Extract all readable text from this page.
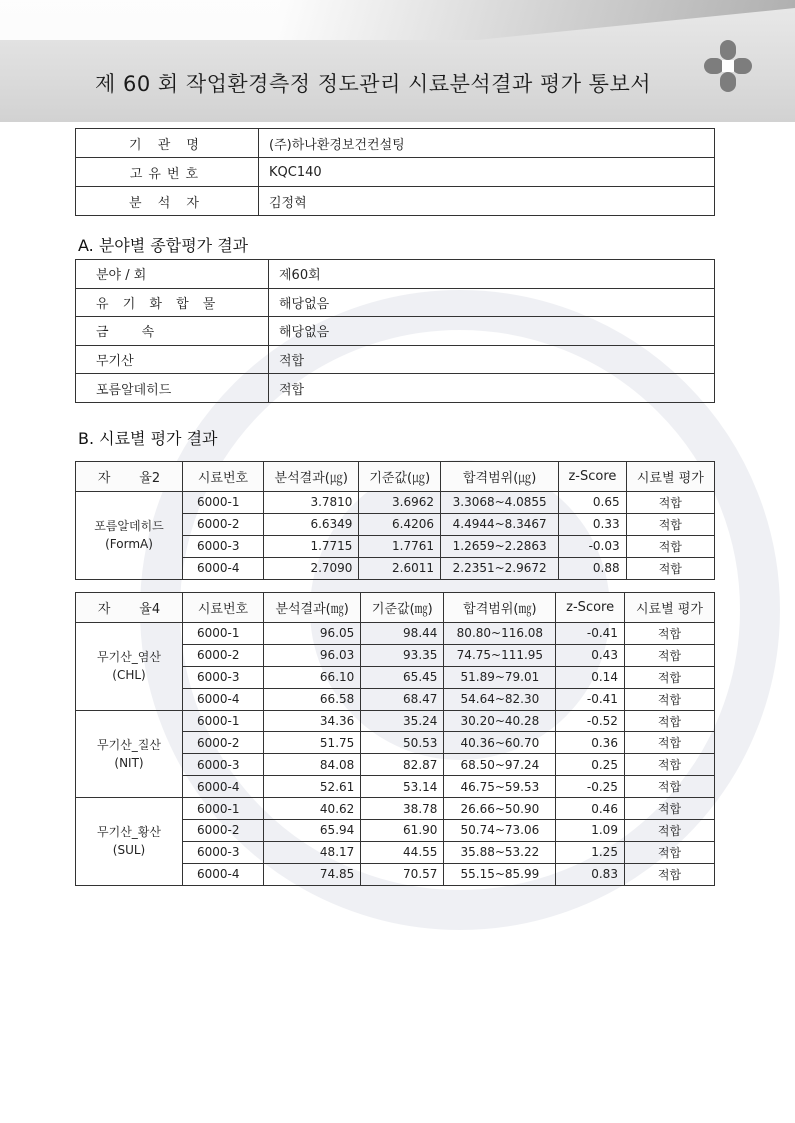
제 60 회 작업환경측정 정도관리 시료분석결과 평가 통보서
기 관 명	(주)하나환경보건컨설팅
고유번호	KQC140
분 석 자	김정혁
A. 분야별 종합평가 결과
분야 / 회	제60회
유 기 화 합 물	해당없음
금        속	해당없음
무기산	적합
포름알데히드	적합
B. 시료별 평가 결과
자       율2	시료번호	분석결과(㎍)	기준값(㎍)	합격범위(㎍)	z-Score	시료별 평가

포름알데히드
(FormA)	6000-1	3.7810	3.6962	3.3068~4.0855	0.65	적합
	6000-2	6.6349	6.4206	4.4944~8.3467	0.33	적합
	6000-3	1.7715	1.7761	1.2659~2.2863	-0.03	적합
	6000-4	2.7090	2.6011	2.2351~2.9672	0.88	적합
자       율4	시료번호	분석결과(㎎)	기준값(㎎)	합격범위(㎎)	z-Score	시료별 평가

무기산_염산
(CHL)	6000-1	96.05	98.44	80.80~116.08	-0.41	적합
	6000-2	96.03	93.35	74.75~111.95	0.43	적합
	6000-3	66.10	65.45	51.89~79.01	0.14	적합
	6000-4	66.58	68.47	54.64~82.30	-0.41	적합

무기산_질산
(NIT)	6000-1	34.36	35.24	30.20~40.28	-0.52	적합
	6000-2	51.75	50.53	40.36~60.70	0.36	적합
	6000-3	84.08	82.87	68.50~97.24	0.25	적합
	6000-4	52.61	53.14	46.75~59.53	-0.25	적합

무기산_황산
(SUL)	6000-1	40.62	38.78	26.66~50.90	0.46	적합
	6000-2	65.94	61.90	50.74~73.06	1.09	적합
	6000-3	48.17	44.55	35.88~53.22	1.25	적합
	6000-4	74.85	70.57	55.15~85.99	0.83	적합
